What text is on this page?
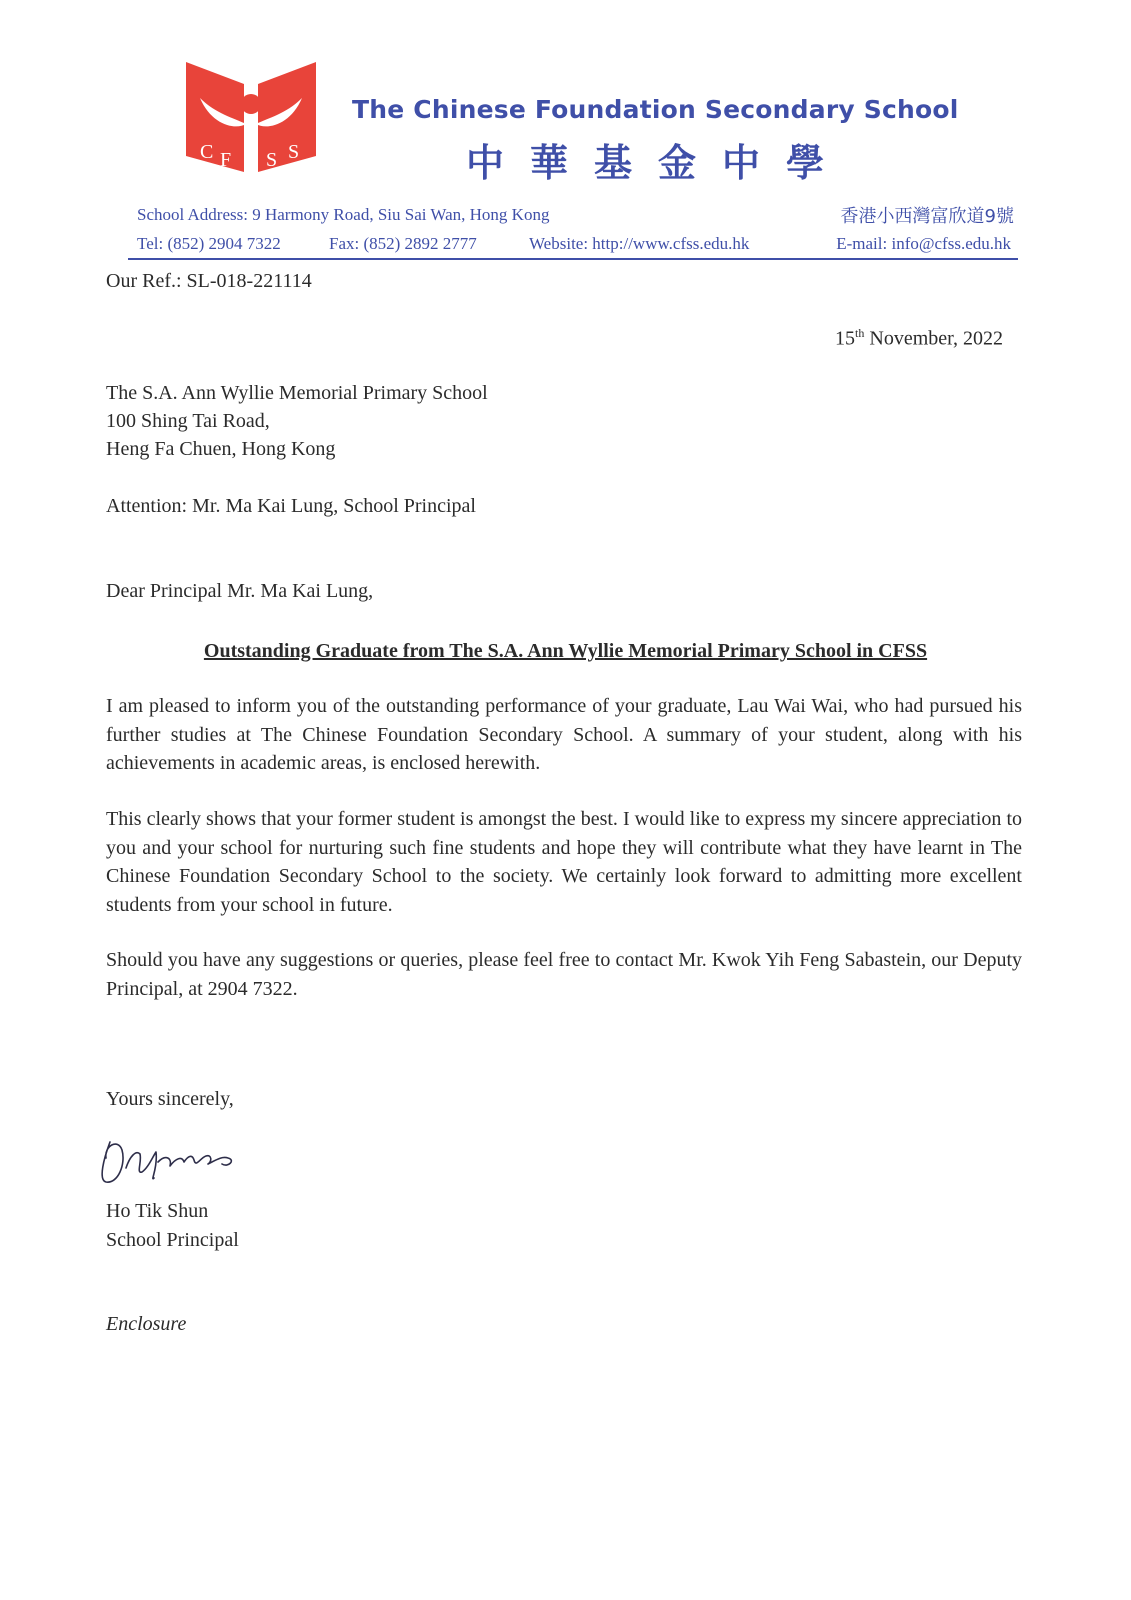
C F S S
The Chinese Foundation Secondary School
中華基金中學
School Address: 9 Harmony Road, Siu Sai Wan, Hong Kong	香港小西灣富欣道9號
Tel: (852) 2904 7322	Fax: (852) 2892 2777	Website: http://www.cfss.edu.hk	E-mail: info@cfss.edu.hk
Our Ref.: SL-018-221114
15th November, 2022
The S.A. Ann Wyllie Memorial Primary School
100 Shing Tai Road,
Heng Fa Chuen, Hong Kong
Attention: Mr. Ma Kai Lung, School Principal
Dear Principal Mr. Ma Kai Lung,
Outstanding Graduate from The S.A. Ann Wyllie Memorial Primary School in CFSS
I am pleased to inform you of the outstanding performance of your graduate, Lau Wai Wai, who had pursued his further studies at The Chinese Foundation Secondary School. A summary of your student, along with his achievements in academic areas, is enclosed herewith.
This clearly shows that your former student is amongst the best. I would like to express my sincere appreciation to you and your school for nurturing such fine students and hope they will contribute what they have learnt in The Chinese Foundation Secondary School to the society. We certainly look forward to admitting more excellent students from your school in future.
Should you have any suggestions or queries, please feel free to contact Mr. Kwok Yih Feng Sabastein, our Deputy Principal, at 2904 7322.
Yours sincerely,
Ho Tik Shun
School Principal
Enclosure
